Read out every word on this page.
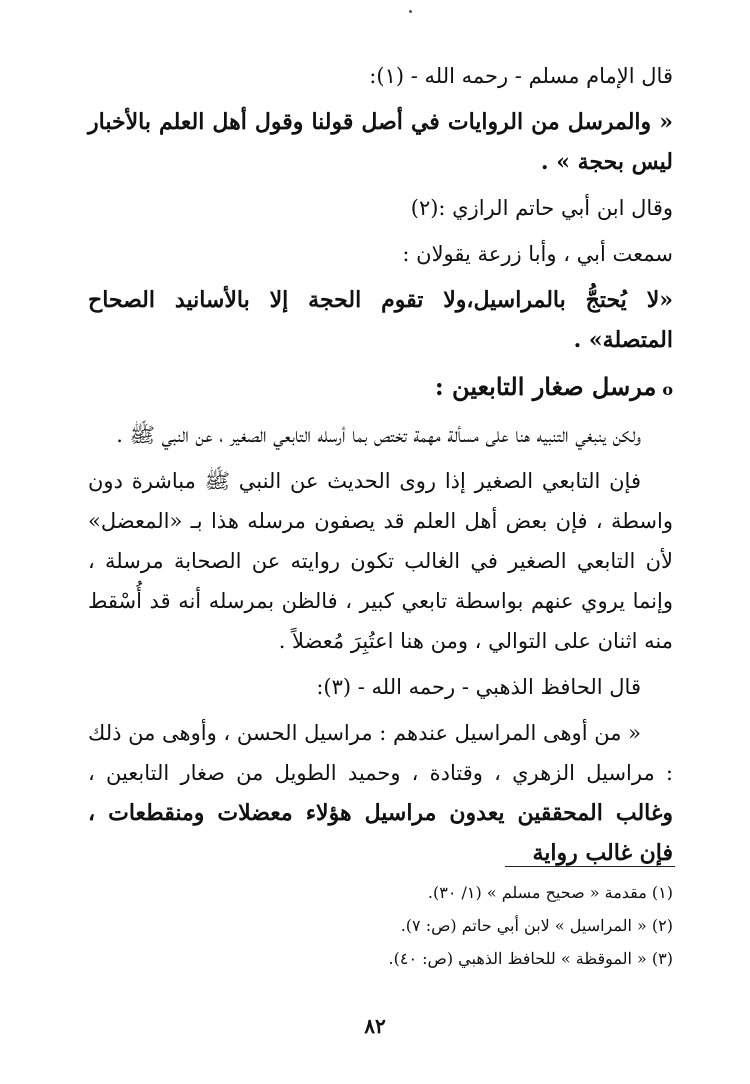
قال الإمام مسلم - رحمه الله - (١):

« والمرسل من الروايات في أصل قولنا وقول أهل العلم بالأخبار ليس بحجة » .

وقال ابن أبي حاتم الرازي :(٢)

سمعت أبي ، وأبا زرعة يقولان :

«لا يُحتجُّ بالمراسيل،ولا تقوم الحجة إلا بالأسانيد الصحاح المتصلة» .

oمرسل صغار التابعين :

ولكن ينبغي التنبيه هنا على مسألة مهمة تختص بما أرسله التابعي الصغير ، عن النبي ﷺ .

فإن التابعي الصغير إذا روى الحديث عن النبي ﷺ مباشرة دون واسطة ، فإن بعض أهل العلم قد يصفون مرسله هذا بـ «المعضل» لأن التابعي الصغير في الغالب تكون روايته عن الصحابة مرسلة ، وإنما يروي عنهم بواسطة تابعي كبير ، فالظن بمرسله أنه قد أُسْقط منه اثنان على التوالي ، ومن هنا اعتُبِرَ مُعضلاً .

قال الحافظ الذهبي - رحمه الله - (٣):

« من أوهى المراسيل عندهم : مراسيل الحسن ، وأوهى من ذلك : مراسيل الزهري ، وقتادة ، وحميد الطويل من صغار التابعين ، وغالب المحققين يعدون مراسيل هؤلاء معضلات ومنقطعات ، فإن غالب رواية

(١) مقدمة « صحيح مسلم » (١/ ٣٠).

(٢) « المراسيل » لابن أبي حاتم (ص: ٧).

(٣) « الموقظة » للحافظ الذهبي (ص: ٤٠).

٨٢
